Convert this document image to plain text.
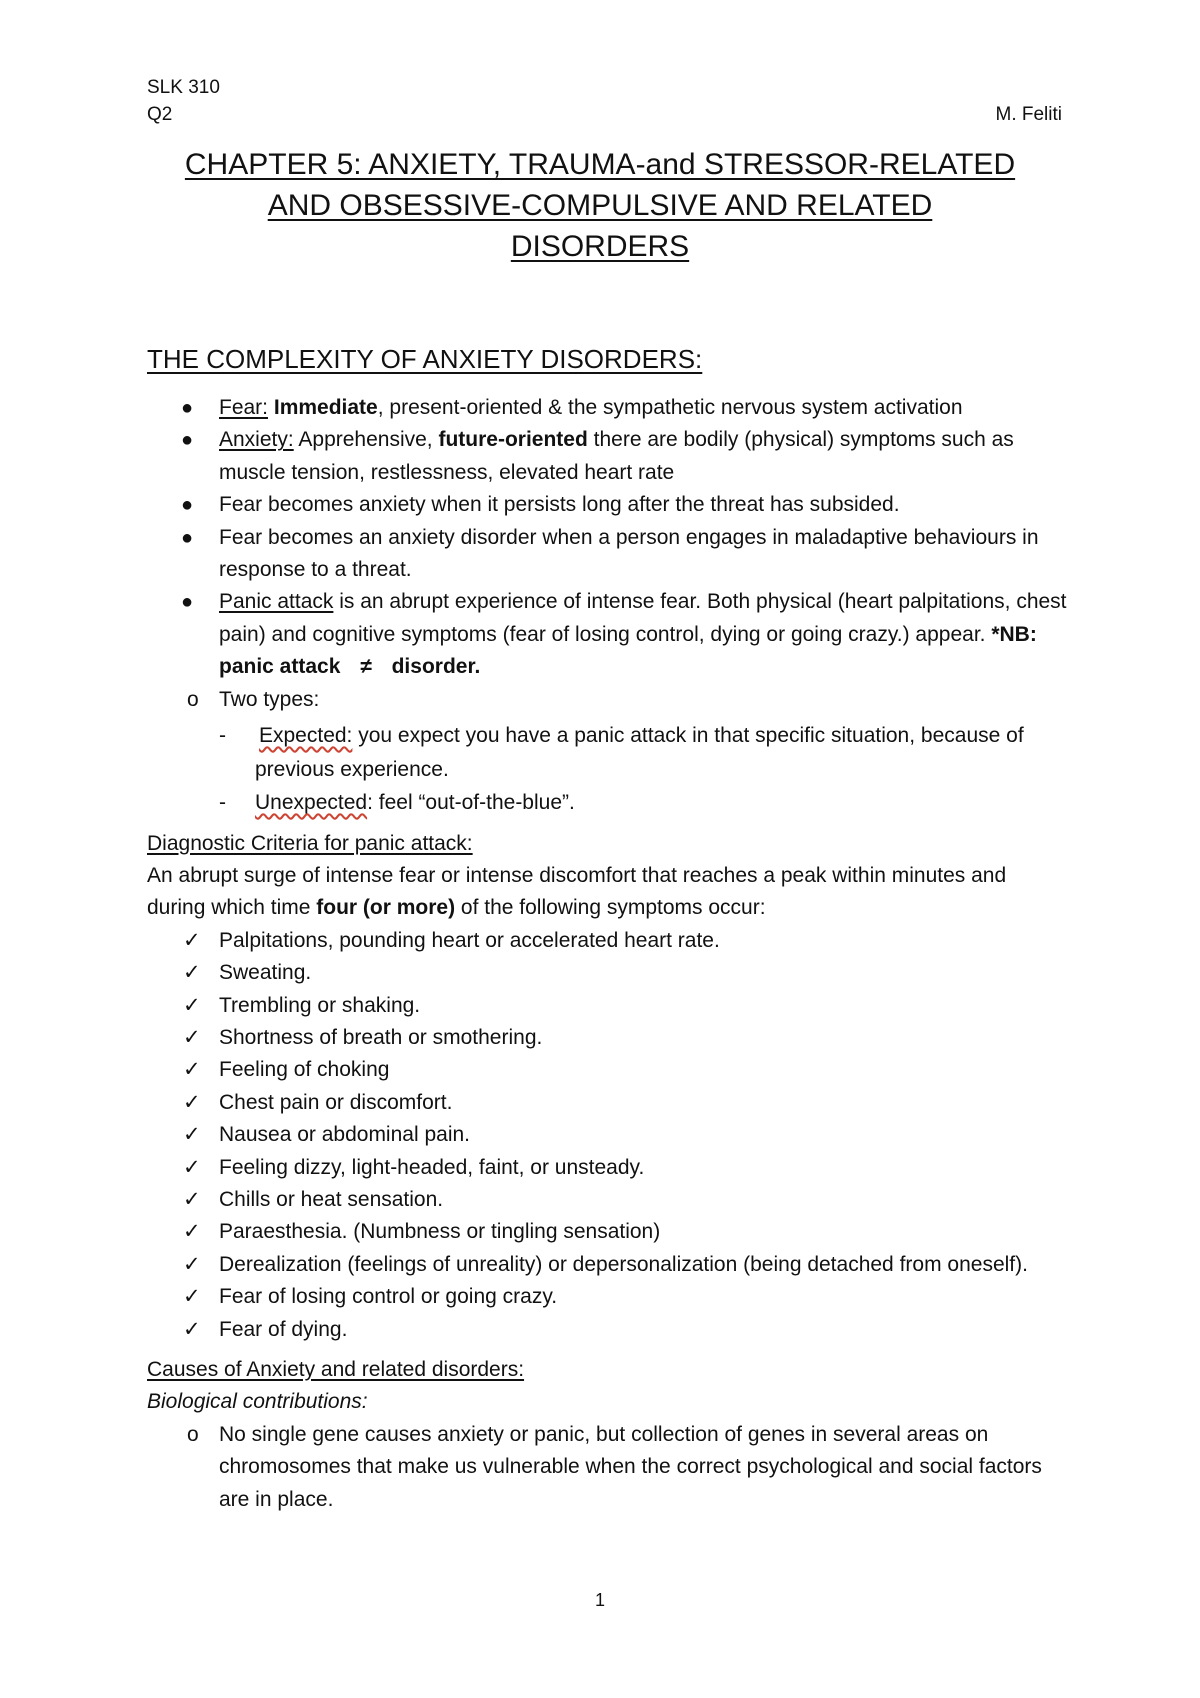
SLK 310
Q2	M. Feliti
CHAPTER 5: ANXIETY, TRAUMA-and STRESSOR-RELATED
AND OBSESSIVE-COMPULSIVE AND RELATED
DISORDERS
THE COMPLEXITY OF ANXIETY DISORDERS:
● Fear: Immediate, present-oriented & the sympathetic nervous system activation
● Anxiety: Apprehensive, future-oriented there are bodily (physical) symptoms such as muscle tension, restlessness, elevated heart rate
● Fear becomes anxiety when it persists long after the threat has subsided.
● Fear becomes an anxiety disorder when a person engages in maladaptive behaviours in response to a threat.
● Panic attack is an abrupt experience of intense fear. Both physical (heart palpitations, chest pain) and cognitive symptoms (fear of losing control, dying or going crazy.) appear. *NB: panic attack ≠ disorder.
o Two types:
- Expected: you expect you have a panic attack in that specific situation, because of previous experience.
- Unexpected: feel “out-of-the-blue”.
Diagnostic Criteria for panic attack:
An abrupt surge of intense fear or intense discomfort that reaches a peak within minutes and during which time four (or more) of the following symptoms occur:
✓ Palpitations, pounding heart or accelerated heart rate.
✓ Sweating.
✓ Trembling or shaking.
✓ Shortness of breath or smothering.
✓ Feeling of choking
✓ Chest pain or discomfort.
✓ Nausea or abdominal pain.
✓ Feeling dizzy, light-headed, faint, or unsteady.
✓ Chills or heat sensation.
✓ Paraesthesia. (Numbness or tingling sensation)
✓ Derealization (feelings of unreality) or depersonalization (being detached from oneself).
✓ Fear of losing control or going crazy.
✓ Fear of dying.
Causes of Anxiety and related disorders:
Biological contributions:
o No single gene causes anxiety or panic, but collection of genes in several areas on chromosomes that make us vulnerable when the correct psychological and social factors are in place.
1
